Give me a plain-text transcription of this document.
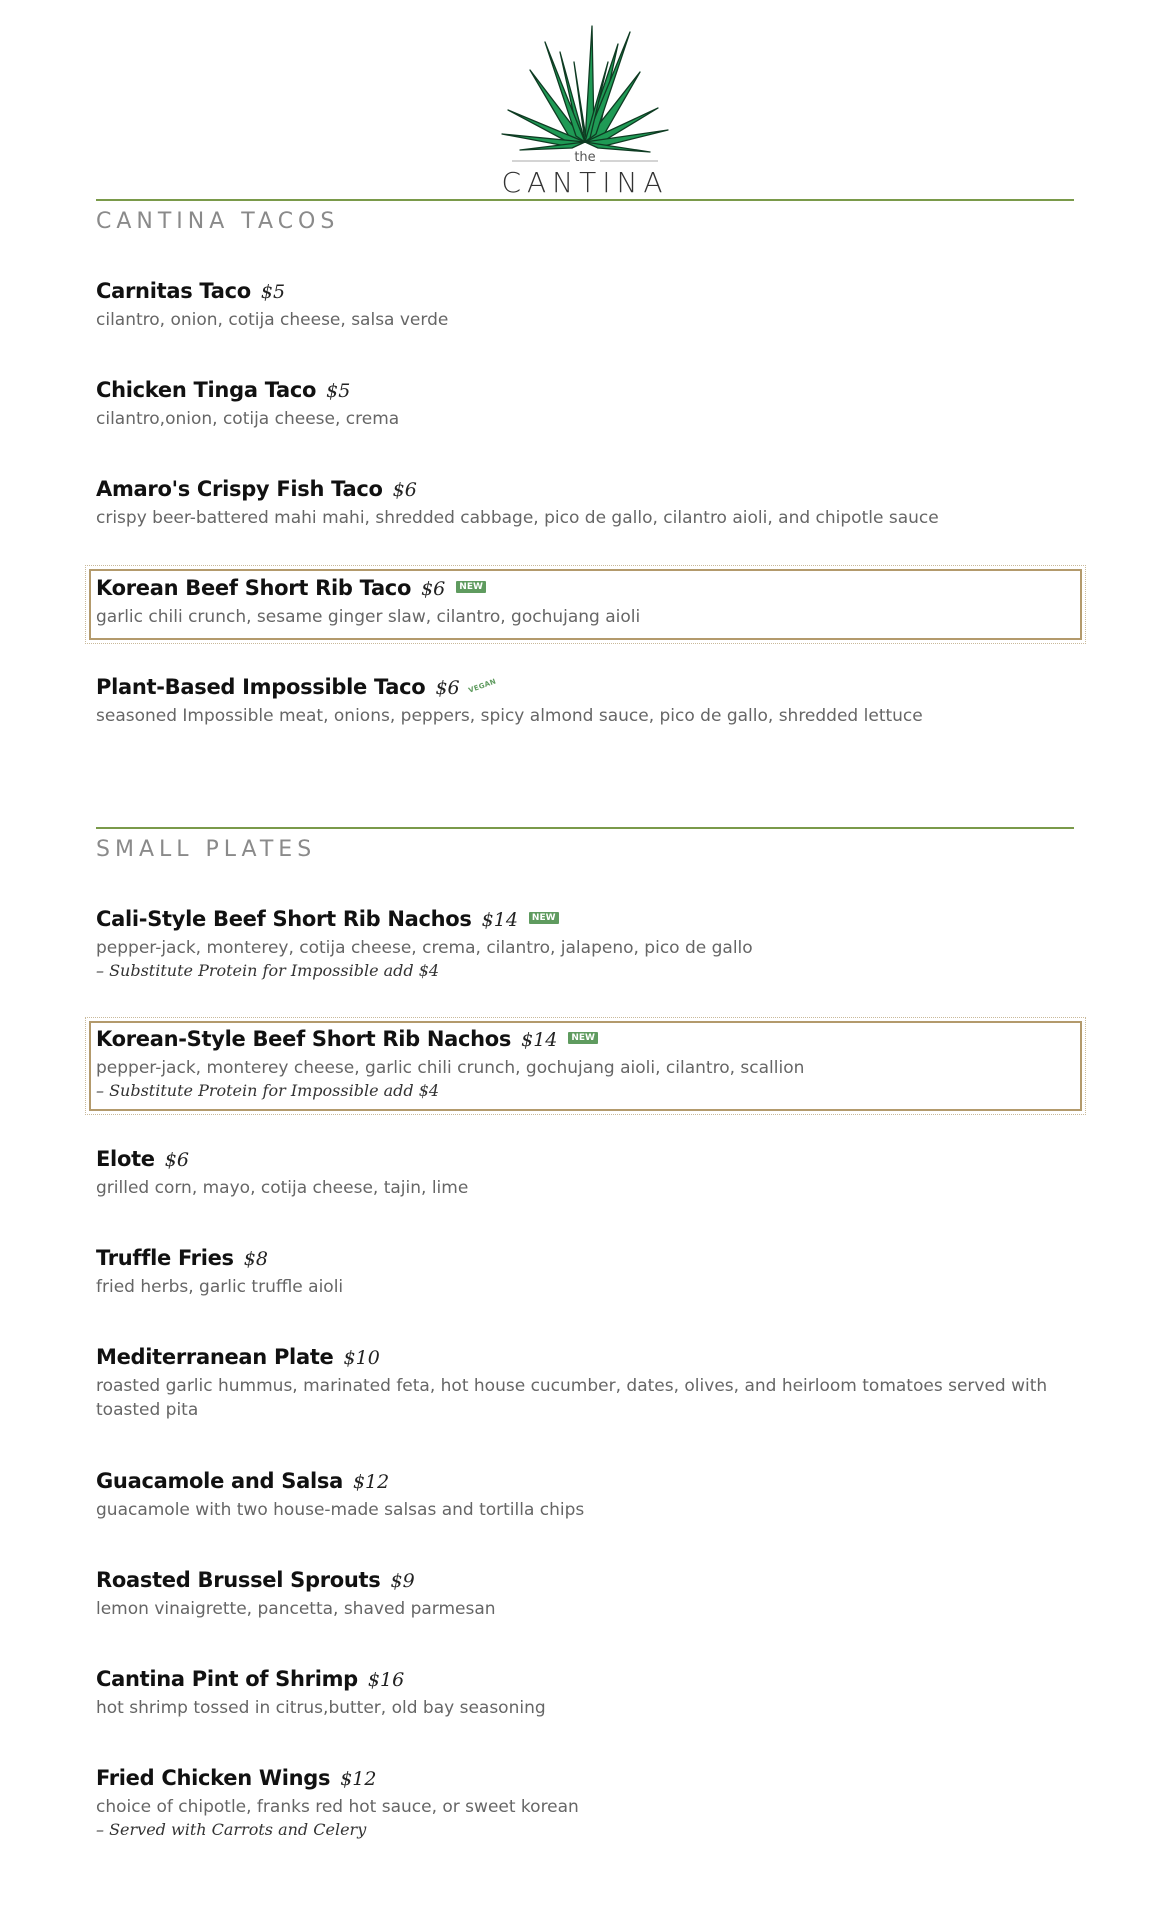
the
CANTINA
CANTINA TACOS
Carnitas Taco $5
cilantro, onion, cotija cheese, salsa verde
Chicken Tinga Taco $5
cilantro,onion, cotija cheese, crema
Amaro's Crispy Fish Taco $6
crispy beer-battered mahi mahi, shredded cabbage, pico de gallo, cilantro aioli, and chipotle sauce
Korean Beef Short Rib Taco $6	NEW
garlic chili crunch, sesame ginger slaw, cilantro, gochujang aioli
Plant-Based Impossible Taco $6 VEGAN
seasoned Impossible meat, onions, peppers, spicy almond sauce, pico de gallo, shredded lettuce
SMALL PLATES
Cali-Style Beef Short Rib Nachos $14	NEW
pepper-jack, monterey, cotija cheese, crema, cilantro, jalapeno, pico de gallo
– Substitute Protein for Impossible add $4
Korean-Style Beef Short Rib Nachos $14	NEW
pepper-jack, monterey cheese, garlic chili crunch, gochujang aioli, cilantro, scallion
– Substitute Protein for Impossible add $4
Elote $6
grilled corn, mayo, cotija cheese, tajin, lime
Truffle Fries $8
fried herbs, garlic truffle aioli
Mediterranean Plate $10
roasted garlic hummus, marinated feta, hot house cucumber, dates, olives, and heirloom tomatoes served with
toasted pita
Guacamole and Salsa $12
guacamole with two house-made salsas and tortilla chips
Roasted Brussel Sprouts $9
lemon vinaigrette, pancetta, shaved parmesan
Cantina Pint of Shrimp $16
hot shrimp tossed in citrus,butter, old bay seasoning
Fried Chicken Wings $12
choice of chipotle, franks red hot sauce, or sweet korean
– Served with Carrots and Celery
